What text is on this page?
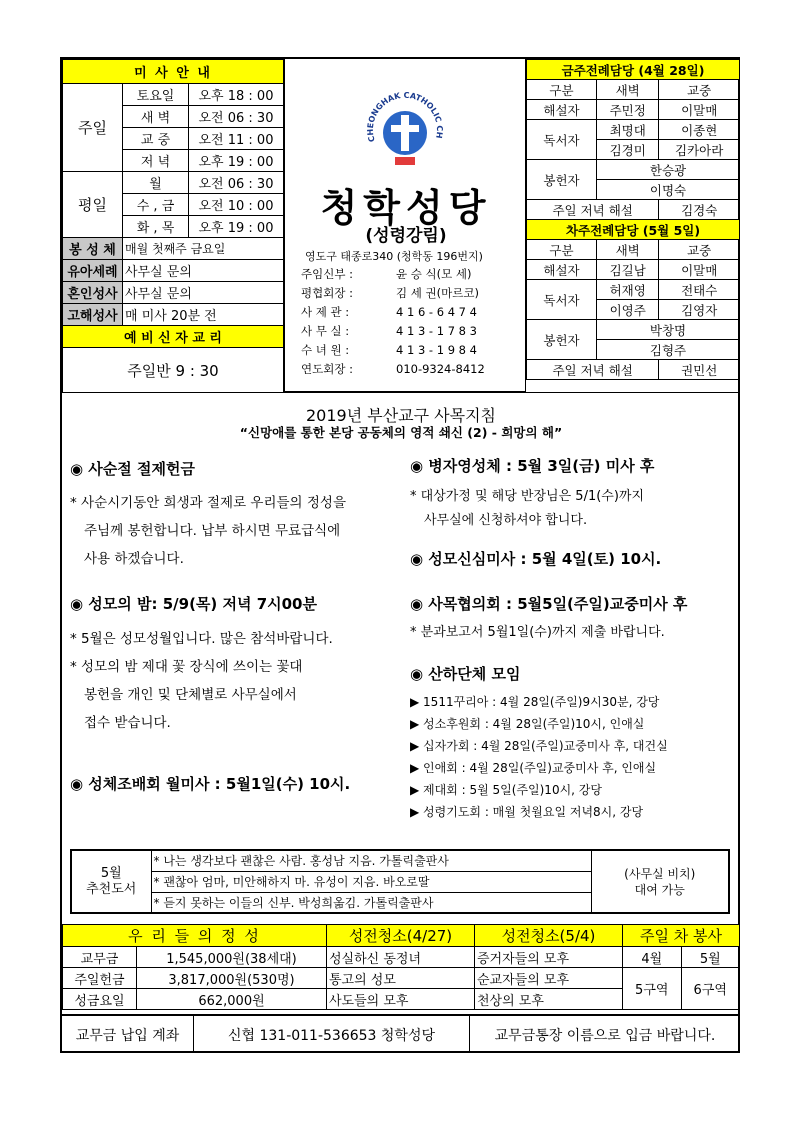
미 사 안 내		
주일	토요일	오후 18 : 00
	새 벽	오전 06 : 30
	교 중	오전 11 : 00
	저 녁	오후 19 : 00
평일	월	오전 06 : 30
	수 , 금	오전 10 : 00
	화 , 목	오후 19 : 00
봉 성 체	매월 첫째주 금요일	
유아세례	사무실 문의	
혼인성사	사무실 문의	
고해성사	매 미사 20분 전	
예 비 신 자 교 리		
주일반 9 : 30		
CHEONGHAK CATHOLIC CH
청학성당
(성령강림)
영도구 태종로340 (청학동 196번지)
주임신부 :	윤 승 식(모 세)
평협회장 :	김 세 권(마르코)
사 제 관 :	4 1 6 - 6 4 7 4
사 무 실 :	4 1 3 - 1 7 8 3
수 녀 원 :	4 1 3 - 1 9 8 4
연도회장 :	010-9324-8412
금주전례담당 (4월 28일)		
구분	새벽	교중
해설자	주민정	이말매
독서자	최명대	이종현
	김경미	김카아라
봉헌자	한승광	
	이명숙	
주일 저녁 해설		김경숙
차주전례담당 (5월 5일)		
구분	새벽	교중
해설자	김길남	이말매
독서자	허재영	전태수
	이영주	김영자
봉헌자	박창명	
	김형주	
주일 저녁 해설		권민선
2019년 부산교구 사목지침
“신망애를 통한 본당 공동체의 영적 쇄신 (2) - 희망의 해”
◉ 사순절 절제헌금
* 사순시기동안 희생과 절제로 우리들의 정성을
주님께 봉헌합니다. 납부 하시면 무료급식에
사용 하겠습니다.
◉ 성모의 밤: 5/9(목) 저녁 7시00분
* 5월은 성모성월입니다. 많은 참석바랍니다.
* 성모의 밤 제대 꽃 장식에 쓰이는 꽃대
봉헌을 개인 및 단체별로 사무실에서
접수 받습니다.
◉ 성체조배회 월미사 : 5월1일(수) 10시.
◉ 병자영성체 : 5월 3일(금) 미사 후
* 대상가정 및 해당 반장님은 5/1(수)까지
사무실에 신청하셔야 합니다.
◉ 성모신심미사 : 5월 4일(토) 10시.
◉ 사목협의회 : 5월5일(주일)교중미사 후
* 분과보고서 5월1일(수)까지 제출 바랍니다.
◉ 산하단체 모임
▶ 1511꾸리아 : 4월 28일(주일)9시30분, 강당
▶ 성소후원회 : 4월 28일(주일)10시, 인애실
▶ 십자가회 : 4월 28일(주일)교중미사 후, 대건실
▶ 인애회 : 4월 28일(주일)교중미사 후, 인애실
▶ 제대회 : 5월 5일(주일)10시, 강당
▶ 성령기도회 : 매월 첫월요일 저녁8시, 강당
5월
추천도서	* 나는 생각보다 괜찮은 사람. 홍성남 지음. 가톨릭출판사	(사무실 비치)
대여 가능
* 괜찮아 엄마, 미안해하지 마. 유성이 지음. 바오로딸
* 듣지 못하는 이들의 신부. 박성희옮김. 가톨릭출판사
우 리 들 의 정 성		성전청소(4/27)	성전청소(5/4)	주일 차 봉사	
교무금	1,545,000원(38세대)	성실하신 동정녀	증거자들의 모후	4월	5월
주일헌금	3,817,000원(530명)	통고의 성모	순교자들의 모후	5구역	6구역
성금요일	662,000원	사도들의 모후	천상의 모후		
교무금 납입 계좌	신협 131-011-536653 청학성당	교무금통장 이름으로 입금 바랍니다.
